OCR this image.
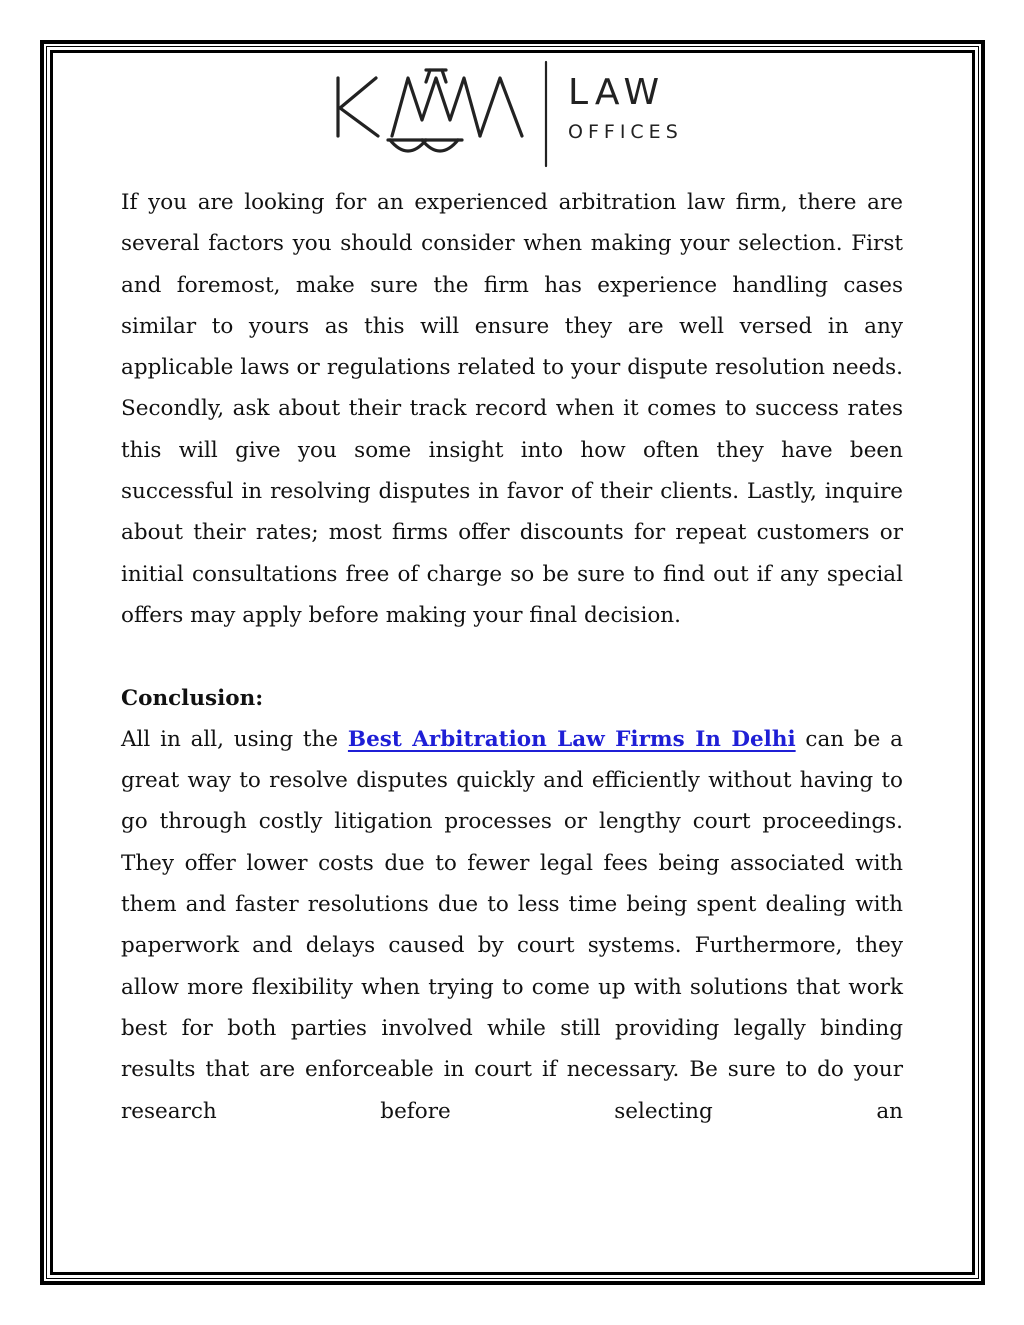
LAW
OFFICES

If you are looking for an experienced arbitration law firm, there are several factors you should consider when making your selection. First and foremost, make sure the firm has experience handling cases similar to yours as this will ensure they are well versed in any applicable laws or regulations related to your dispute resolution needs. Secondly, ask about their track record when it comes to success rates this will give you some insight into how often they have been successful in resolving disputes in favor of their clients. Lastly, inquire about their rates; most firms offer discounts for repeat customers or initial consultations free of charge so be sure to find out if any special offers may apply before making your final decision.

Conclusion:

All in all, using the Best Arbitration Law Firms In Delhi can be a great way to resolve disputes quickly and efficiently without having to go through costly litigation processes or lengthy court proceedings. They offer lower costs due to fewer legal fees being associated with them and faster resolutions due to less time being spent dealing with paperwork and delays caused by court systems. Furthermore, they allow more flexibility when trying to come up with solutions that work best for both parties involved while still providing legally binding results that are enforceable in court if necessary. Be sure to do your research before selecting an
